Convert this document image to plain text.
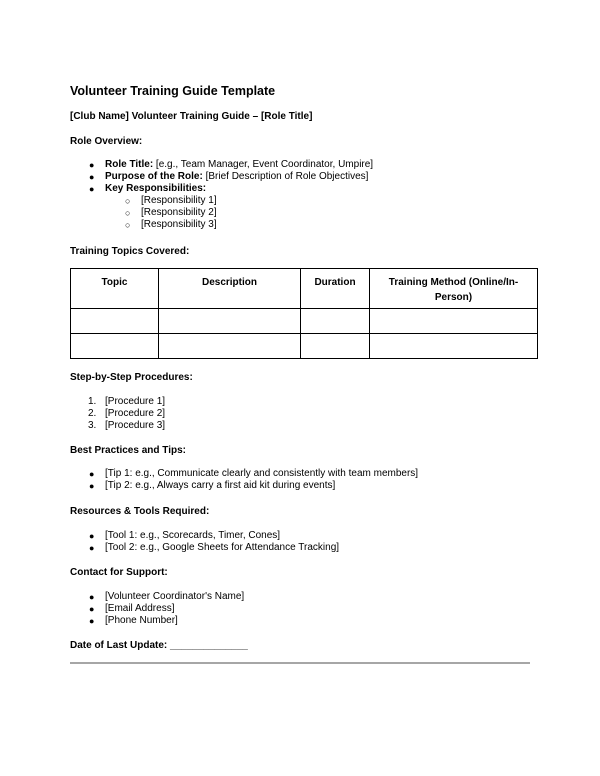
Volunteer Training Guide Template
[Club Name] Volunteer Training Guide – [Role Title]
Role Overview:
● Role Title: [e.g., Team Manager, Event Coordinator, Umpire]
● Purpose of the Role: [Brief Description of Role Objectives]
● Key Responsibilities:
○ [Responsibility 1]
○ [Responsibility 2]
○ [Responsibility 3]
Training Topics Covered:
Topic	Description	Duration	Training Method (Online/In-Person)

Step-by-Step Procedures:
1. [Procedure 1]
2. [Procedure 2]
3. [Procedure 3]
Best Practices and Tips:
● [Tip 1: e.g., Communicate clearly and consistently with team members]
● [Tip 2: e.g., Always carry a first aid kit during events]
Resources & Tools Required:
● [Tool 1: e.g., Scorecards, Timer, Cones]
● [Tool 2: e.g., Google Sheets for Attendance Tracking]
Contact for Support:
● [Volunteer Coordinator's Name]
● [Email Address]
● [Phone Number]
Date of Last Update: ______________
